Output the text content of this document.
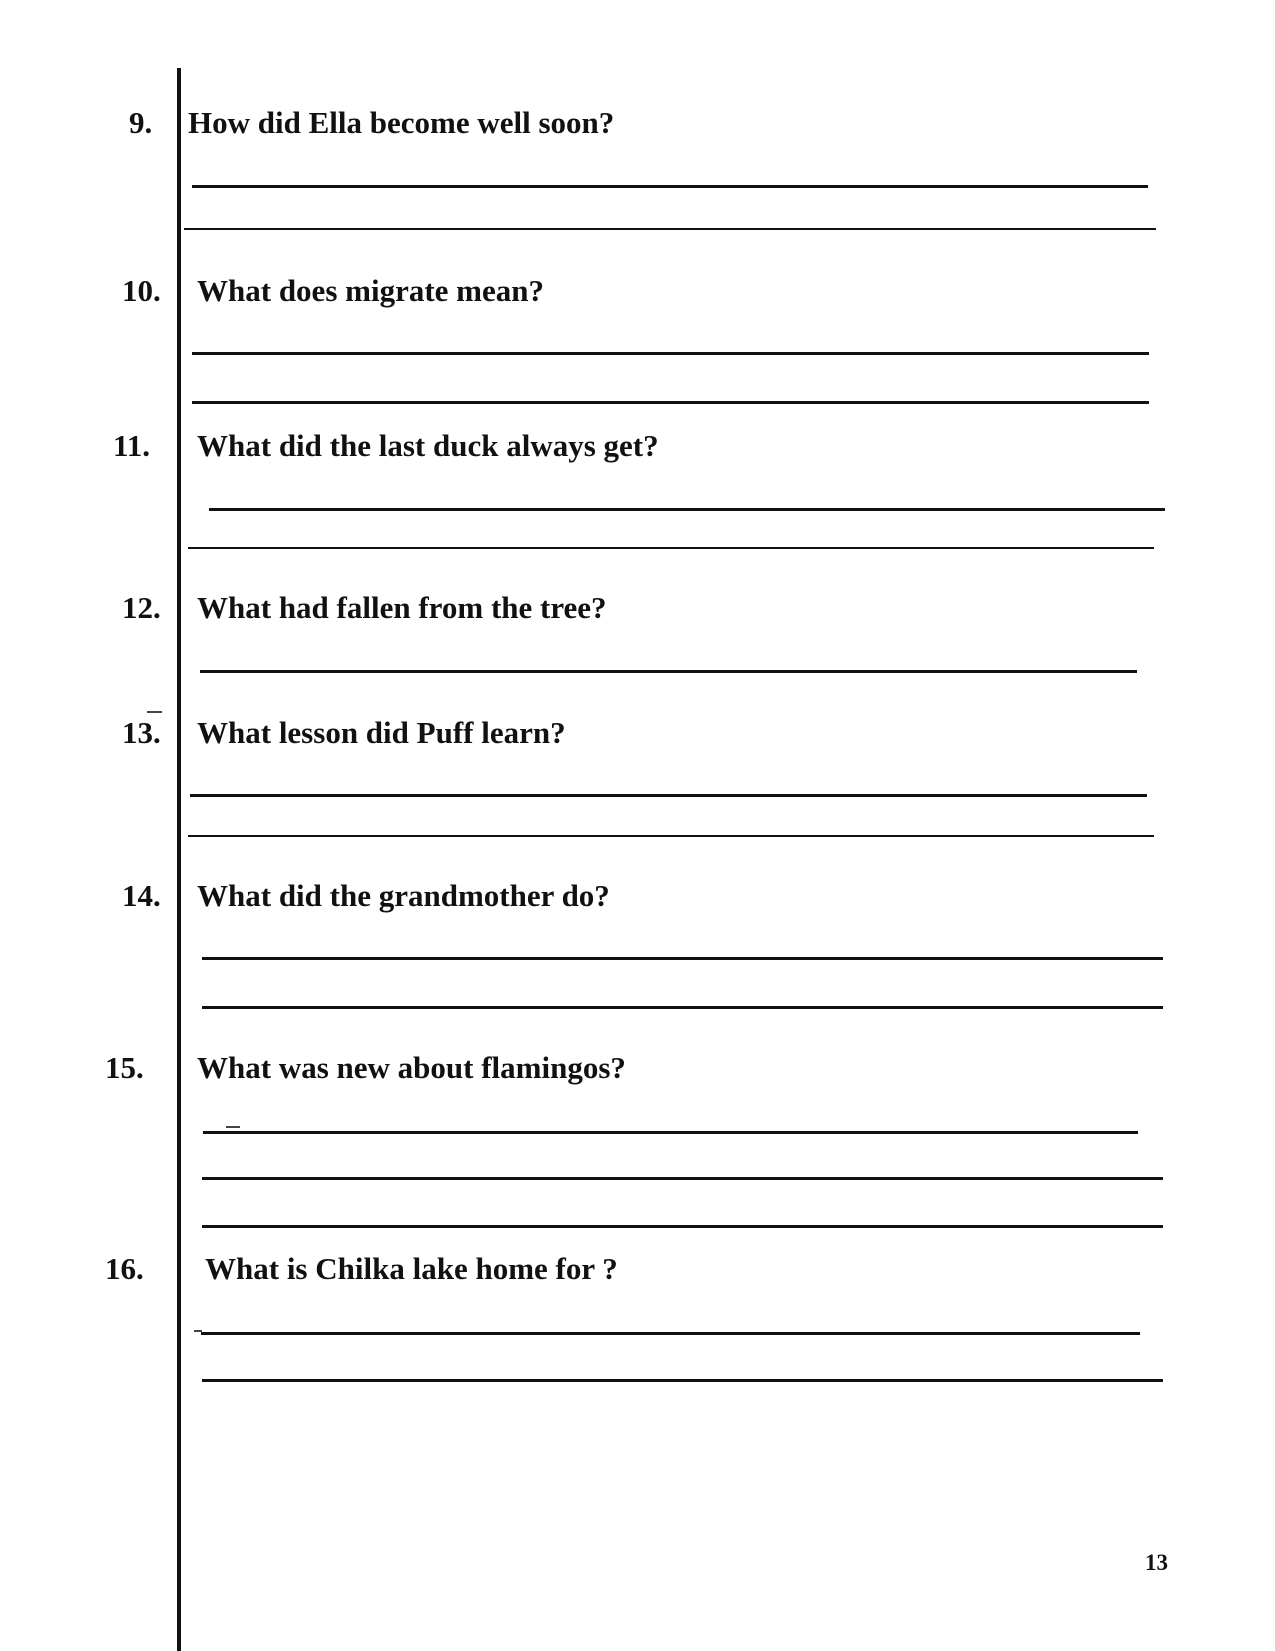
9. How did Ella become well soon?
10. What does migrate mean?
11. What did the last duck always get?
12. What had fallen from the tree?
13. What lesson did Puff learn?
14. What did the grandmother do?
15. What was new about flamingos?
16. What is Chilka lake home for ?
13
